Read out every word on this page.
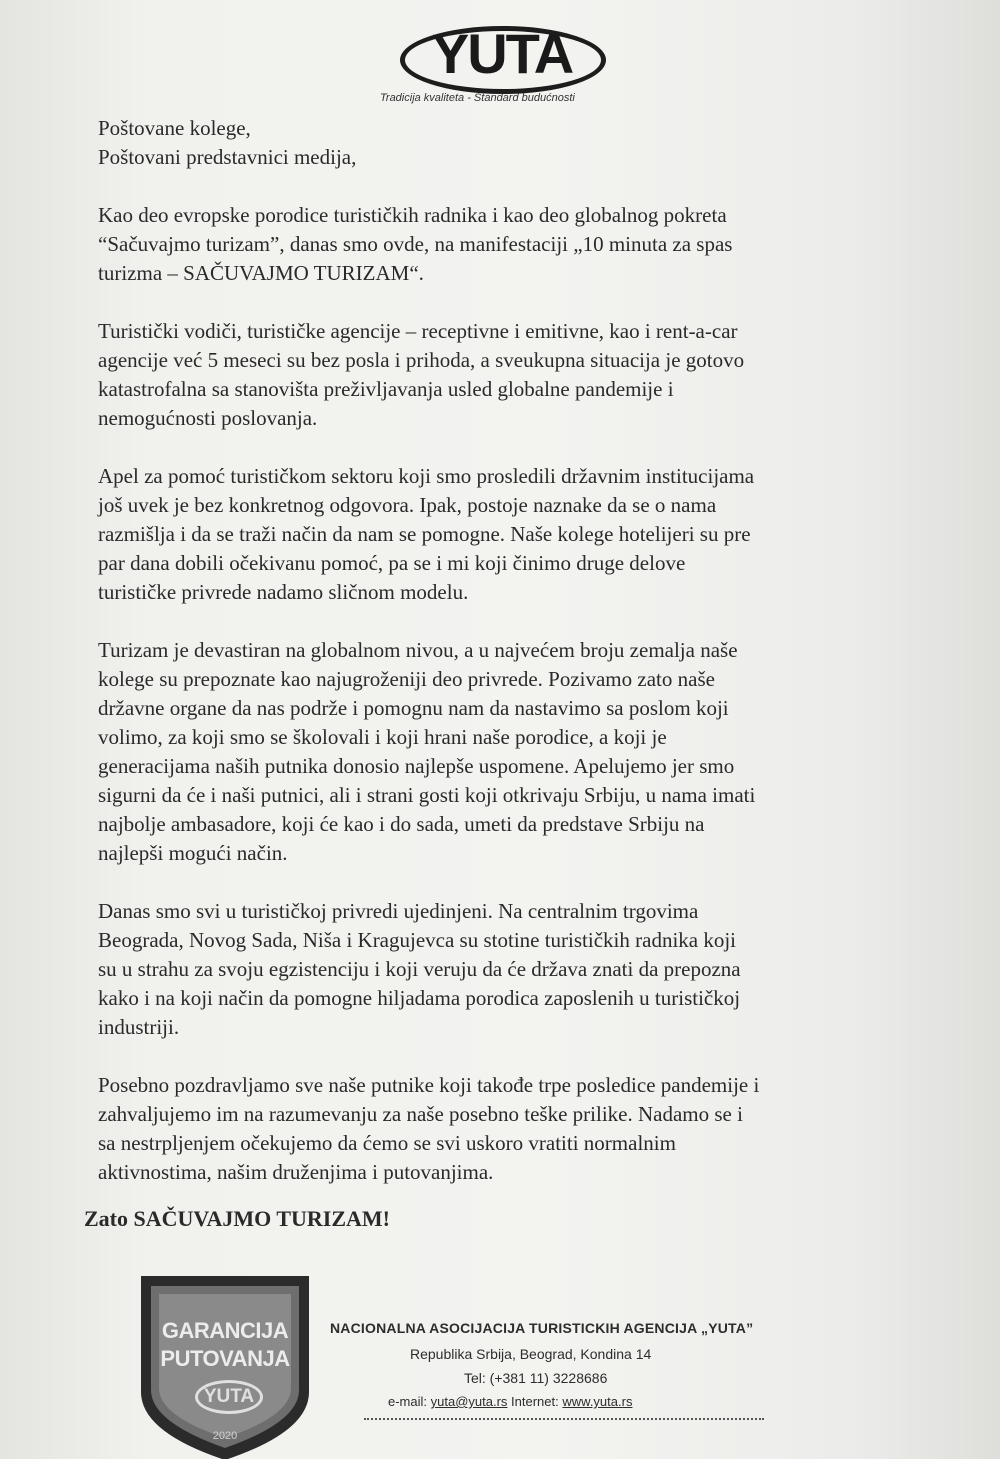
YUTA
Tradicija kvaliteta - Standard budućnosti
Poštovane kolege,
Poštovani predstavnici medija,
Kao deo evropske porodice turističkih radnika i kao deo globalnog pokreta
“Sačuvajmo turizam”, danas smo ovde, na manifestaciji „10 minuta za spas
turizma – SAČUVAJMO TURIZAM“.
Turistički vodiči, turističke agencije – receptivne i emitivne, kao i rent-a-car
agencije već 5 meseci su bez posla i prihoda, a sveukupna situacija je gotovo
katastrofalna sa stanovišta preživljavanja usled globalne pandemije i
nemogućnosti poslovanja.
Apel za pomoć turističkom sektoru koji smo prosledili državnim institucijama
još uvek je bez konkretnog odgovora. Ipak, postoje naznake da se o nama
razmišlja i da se traži način da nam se pomogne. Naše kolege hotelijeri su pre
par dana dobili očekivanu pomoć, pa se i mi koji činimo druge delove
turističke privrede nadamo sličnom modelu.
Turizam je devastiran na globalnom nivou, a u najvećem broju zemalja naše
kolege su prepoznate kao najugroženiji deo privrede. Pozivamo zato naše
državne organe da nas podrže i pomognu nam da nastavimo sa poslom koji
volimo, za koji smo se školovali i koji hrani naše porodice, a koji je
generacijama naših putnika donosio najlepše uspomene. Apelujemo jer smo
sigurni da će i naši putnici, ali i strani gosti koji otkrivaju Srbiju, u nama imati
najbolje ambasadore, koji će kao i do sada, umeti da predstave Srbiju na
najlepši mogući način.
Danas smo svi u turističkoj privredi ujedinjeni. Na centralnim trgovima
Beograda, Novog Sada, Niša i Kragujevca su stotine turističkih radnika koji
su u strahu za svoju egzistenciju i koji veruju da će država znati da prepozna
kako i na koji način da pomogne hiljadama porodica zaposlenih u turističkoj
industriji.
Posebno pozdravljamo sve naše putnike koji takođe trpe posledice pandemije i
zahvaljujemo im na razumevanju za naše posebno teške prilike. Nadamo se i
sa nestrpljenjem očekujemo da ćemo se svi uskoro vratiti normalnim
aktivnostima, našim druženjima i putovanjima.
Zato SAČUVAJMO TURIZAM!
GARANCIJA
PUTOVANJA
YUTA
2020
NACIONALNA ASOCIJACIJA TURISTICKIH AGENCIJA „YUTA”
Republika Srbija, Beograd, Kondina 14
Tel: (+381 11) 3228686
e-mail: yuta@yuta.rs Internet: www.yuta.rs
